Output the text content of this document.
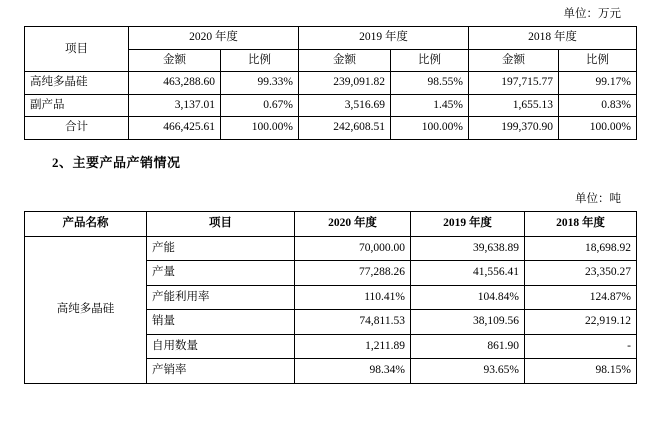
单位：万元

项目	2020 年度		2019 年度		2018 年度	
	金额	比例	金额	比例	金额	比例
高纯多晶硅	463,288.60	99.33%	239,091.82	98.55%	197,715.77	99.17%
副产品	3,137.01	0.67%	3,516.69	1.45%	1,655.13	0.83%
合计	466,425.61	100.00%	242,608.51	100.00%	199,370.90	100.00%
2、主要产品产销情况

单位：吨

产品名称	项目	2020 年度	2019 年度	2018 年度
高纯多晶硅	产能	70,000.00	39,638.89	18,698.92
	产量	77,288.26	41,556.41	23,350.27
	产能利用率	110.41%	104.84%	124.87%
	销量	74,811.53	38,109.56	22,919.12
	自用数量	1,211.89	861.90	-
	产销率	98.34%	93.65%	98.15%
